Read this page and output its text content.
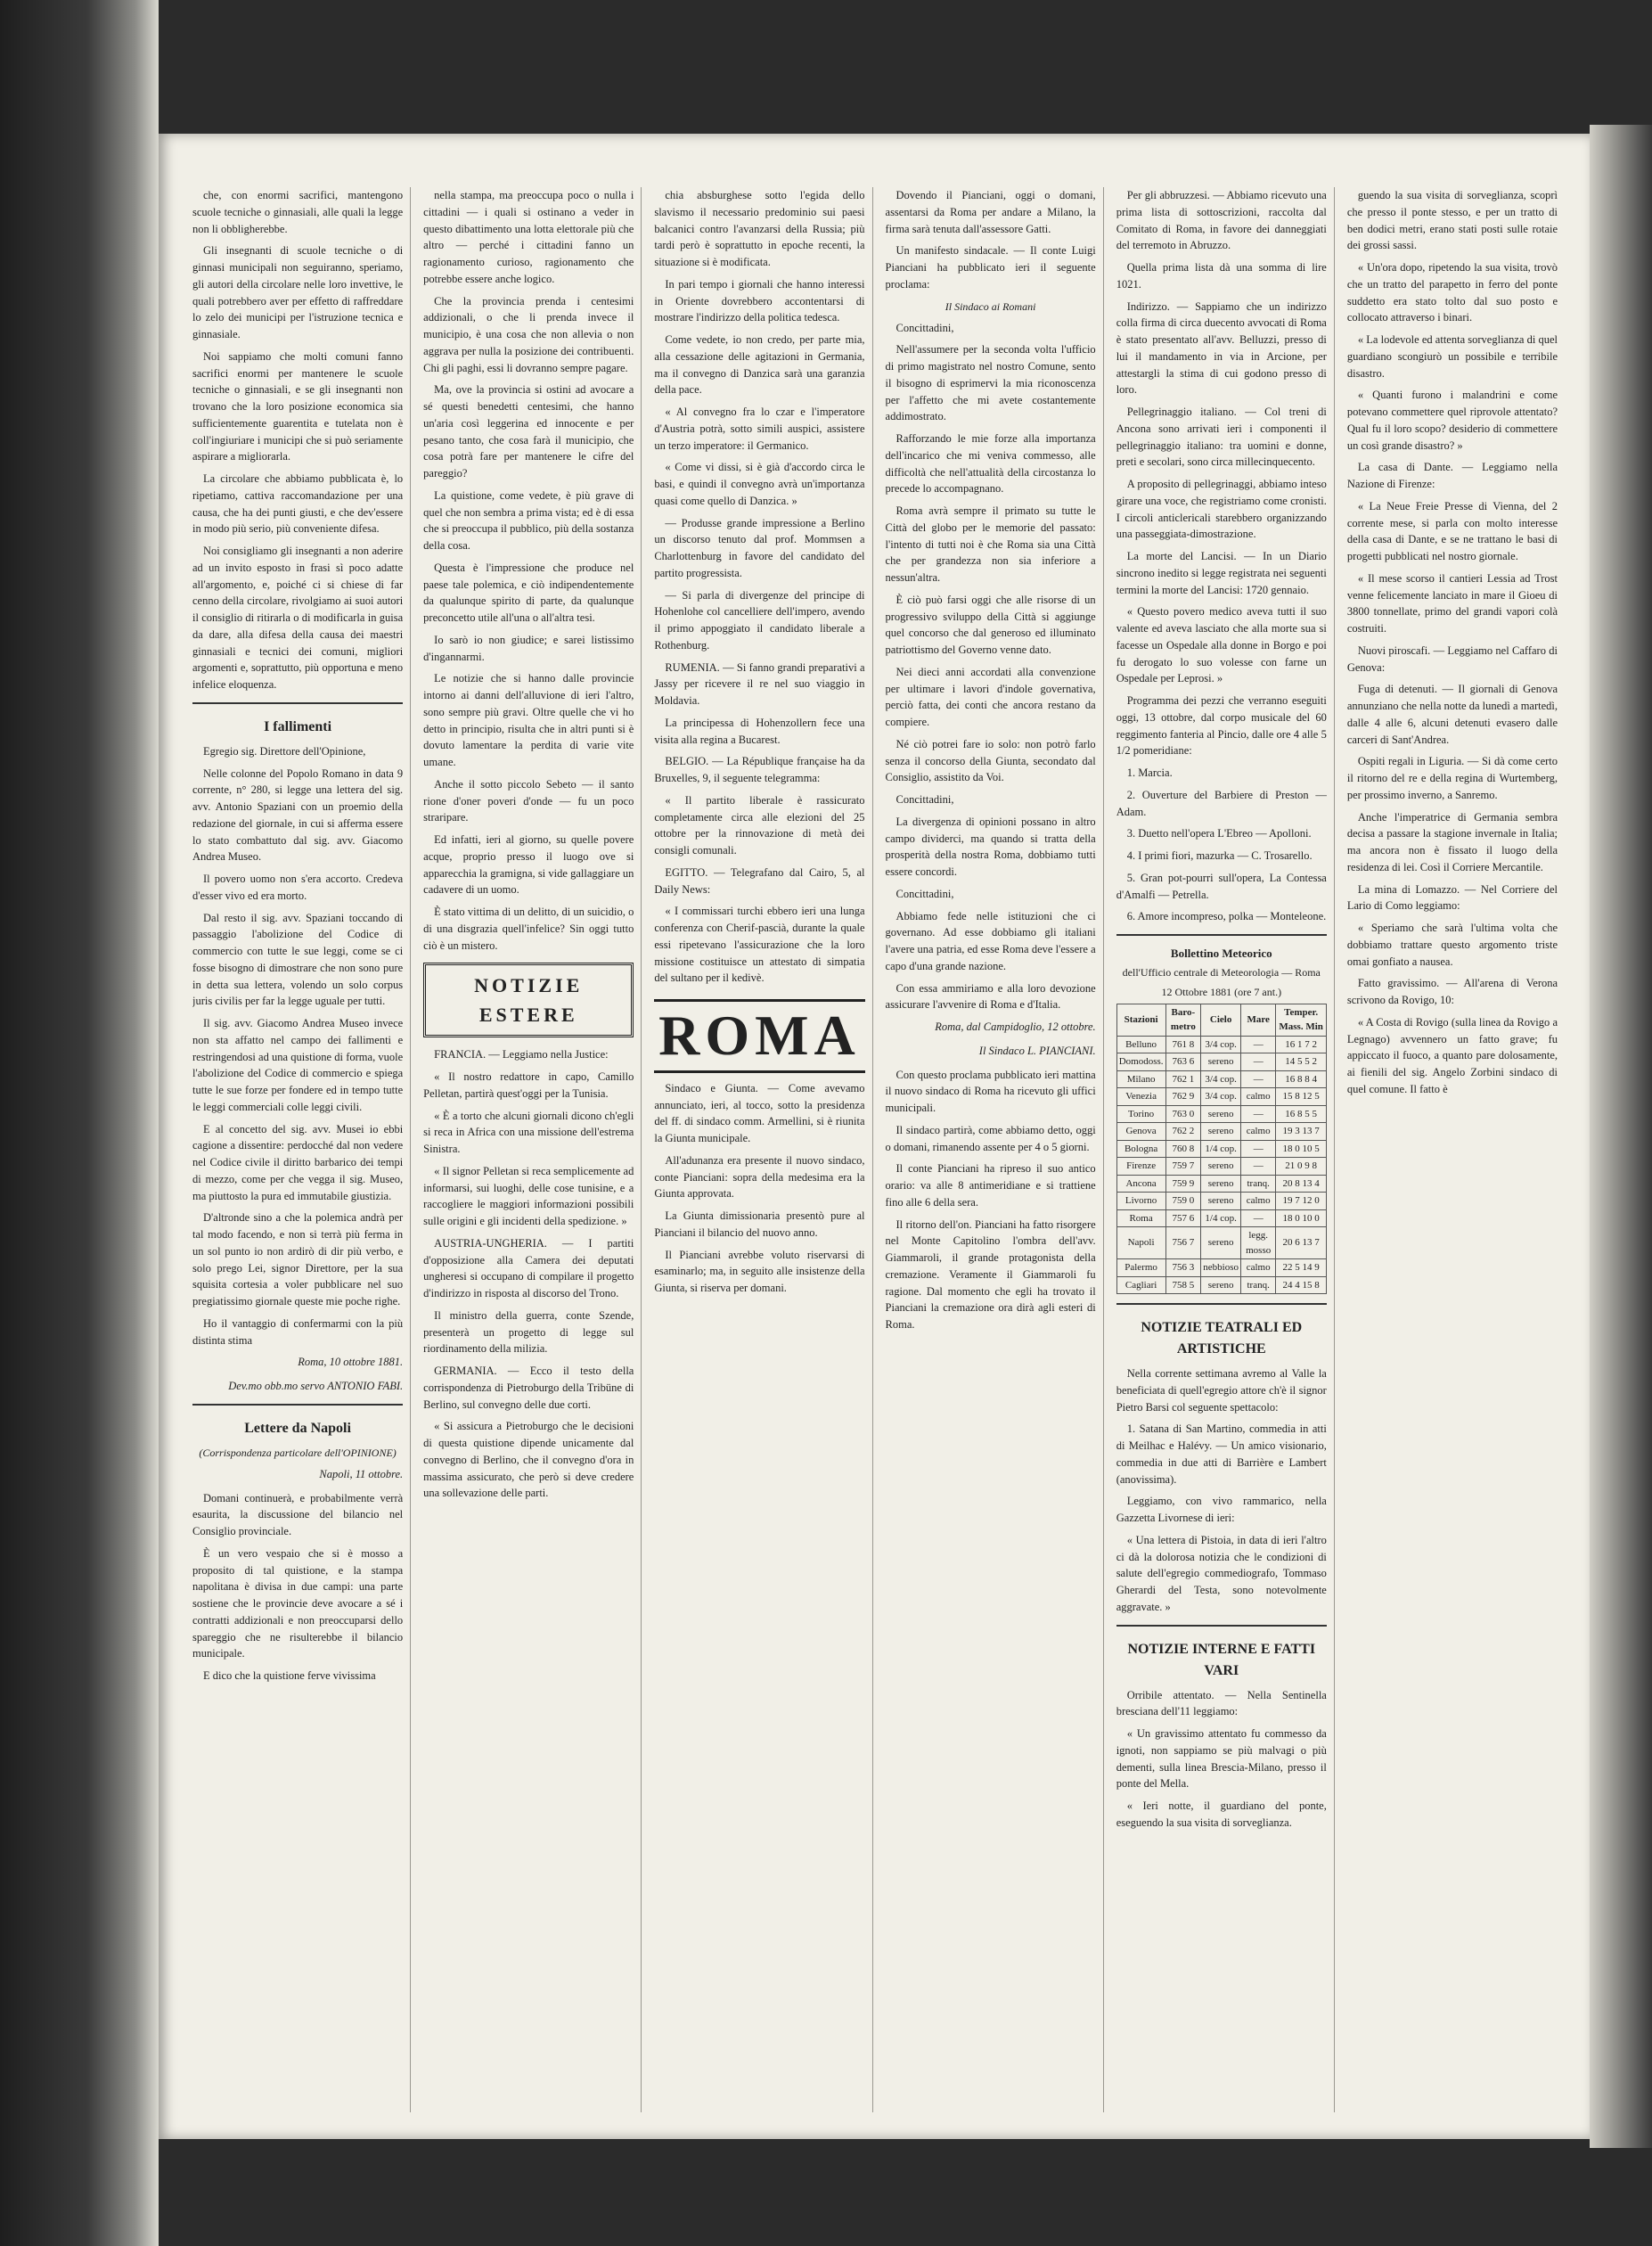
che, con enormi sacrifici, mantengono scuole tecniche o ginnasiali, alle quali la legge non li obbligherebbe.

Gli insegnanti di scuole tecniche o di ginnasi municipali non seguiranno, speriamo, gli autori della circolare nelle loro invettive, le quali potrebbero aver per effetto di raffreddare lo zelo dei municipi per l'istruzione tecnica e ginnasiale.

Noi sappiamo che molti comuni fanno sacrifici enormi per mantenere le scuole tecniche o ginnasiali, e se gli insegnanti non trovano che la loro posizione economica sia sufficientemente guarentita e tutelata non è coll'ingiuriare i municipi che si può seriamente aspirare a migliorarla.

La circolare che abbiamo pubblicata è, lo ripetiamo, cattiva raccomandazione per una causa, che ha dei punti giusti, e che dev'essere in modo più serio, più conveniente difesa.

Noi consigliamo gli insegnanti a non aderire ad un invito esposto in frasi sì poco adatte all'argomento, e, poiché ci si chiese di far cenno della circolare, rivolgiamo ai suoi autori il consiglio di ritirarla o di modificarla in guisa da dare, alla difesa della causa dei maestri ginnasiali e tecnici dei comuni, migliori argomenti e, soprattutto, più opportuna e meno infelice eloquenza.

I fallimenti

Egregio sig. Direttore dell'Opinione,

Nelle colonne del Popolo Romano in data 9 corrente, n° 280, si legge una lettera del sig. avv. Antonio Spaziani con un proemio della redazione del giornale, in cui si afferma essere lo stato combattuto dal sig. avv. Giacomo Andrea Museo.

Il povero uomo non s'era accorto. Credeva d'esser vivo ed era morto.

Dal resto il sig. avv. Spaziani toccando di passaggio l'abolizione del Codice di commercio con tutte le sue leggi, come se ci fosse bisogno di dimostrare che non sono pure in detta sua lettera, volendo un solo corpus juris civilis per far la legge uguale per tutti.

Il sig. avv. Giacomo Andrea Museo invece non sta affatto nel campo dei fallimenti e restringendosi ad una quistione di forma, vuole l'abolizione del Codice di commercio e spiega tutte le sue forze per fondere ed in tempo tutte le leggi commerciali colle leggi civili.

E al concetto del sig. avv. Musei io ebbi cagione a dissentire: perdocché dal non vedere nel Codice civile il diritto barbarico dei tempi di mezzo, come per che vegga il sig. Museo, ma piuttosto la pura ed immutabile giustizia.

D'altronde sino a che la polemica andrà per tal modo facendo, e non si terrà più ferma in un sol punto io non ardirò di dir più verbo, e solo prego Lei, signor Direttore, per la sua squisita cortesia a voler pubblicare nel suo pregiatissimo giornale queste mie poche righe.

Ho il vantaggio di confermarmi con la più distinta stima

Roma, 10 ottobre 1881.
Dev.mo obb.mo servo ANTONIO FABI.
Lettere da Napoli
(Corrispondenza particolare dell'OPINIONE)
Napoli, 11 ottobre.

Domani continuerà, e probabilmente verrà esaurita, la discussione del bilancio nel Consiglio provinciale.

È un vero vespaio che si è mosso a proposito di tal quistione, e la stampa napolitana è divisa in due campi: una parte sostiene che le provincie deve avocare a sé i contratti addizionali e non preoccuparsi dello spareggio che ne risulterebbe il bilancio municipale.

E dico che la quistione ferve vivissima

nella stampa, ma preoccupa poco o nulla i cittadini — i quali si ostinano a veder in questo dibattimento una lotta elettorale più che altro — perché i cittadini fanno un ragionamento curioso, ragionamento che potrebbe essere anche logico.

Che la provincia prenda i centesimi addizionali, o che li prenda invece il municipio, è una cosa che non allevia o non aggrava per nulla la posizione dei contribuenti. Chi gli paghi, essi li dovranno sempre pagare.

Ma, ove la provincia si ostini ad avocare a sé questi benedetti centesimi, che hanno un'aria così leggerina ed innocente e per pesano tanto, che cosa farà il municipio, che cosa potrà fare per mantenere le cifre del pareggio?

La quistione, come vedete, è più grave di quel che non sembra a prima vista; ed è di essa che si preoccupa il pubblico, più della sostanza della cosa.

Questa è l'impressione che produce nel paese tale polemica, e ciò indipendentemente da qualunque spirito di parte, da qualunque preconcetto utile all'una o all'altra tesi.

Io sarò io non giudice; e sarei listissimo d'ingannarmi.

Le notizie che si hanno dalle provincie intorno ai danni dell'alluvione di ieri l'altro, sono sempre più gravi. Oltre quelle che vi ho detto in principio, risulta che in altri punti si è dovuto lamentare la perdita di varie vite umane.

Anche il sotto piccolo Sebeto — il santo rione d'oner poveri d'onde — fu un poco straripare.

Ed infatti, ieri al giorno, su quelle povere acque, proprio presso il luogo ove si apparecchia la gramigna, si vide gallaggiare un cadavere di un uomo.

È stato vittima di un delitto, di un suicidio, o di una disgrazia quell'infelice? Sin oggi tutto ciò è un mistero.

NOTIZIE ESTERE

FRANCIA. — Leggiamo nella Justice:

« Il nostro redattore in capo, Camillo Pelletan, partirà quest'oggi per la Tunisia.

« È a torto che alcuni giornali dicono ch'egli si reca in Africa con una missione dell'estrema Sinistra.

« Il signor Pelletan si reca semplicemente ad informarsi, sui luoghi, delle cose tunisine, e a raccogliere le maggiori informazioni possibili sulle origini e gli incidenti della spedizione. »

AUSTRIA-UNGHERIA. — I partiti d'opposizione alla Camera dei deputati ungheresi si occupano di compilare il progetto d'indirizzo in risposta al discorso del Trono.

Il ministro della guerra, conte Szende, presenterà un progetto di legge sul riordinamento della milizia.

GERMANIA. — Ecco il testo della corrispondenza di Pietroburgo della Tribüne di Berlino, sul convegno delle due corti.

« Si assicura a Pietroburgo che le decisioni di questa quistione dipende unicamente dal convegno di Berlino, che il convegno d'ora in massima assicurato, che però si deve credere una sollevazione delle parti.

chia absburghese sotto l'egida dello slavismo il necessario predominio sui paesi balcanici contro l'avanzarsi della Russia; più tardi però è soprattutto in epoche recenti, la situazione si è modificata.

In pari tempo i giornali che hanno interessi in Oriente dovrebbero accontentarsi di mostrare l'indirizzo della politica tedesca.

Come vedete, io non credo, per parte mia, alla cessazione delle agitazioni in Germania, ma il convegno di Danzica sarà una garanzia della pace.

« Al convegno fra lo czar e l'imperatore d'Austria potrà, sotto simili auspici, assistere un terzo imperatore: il Germanico.

« Come vi dissi, si è già d'accordo circa le basi, e quindi il convegno avrà un'importanza quasi come quello di Danzica. »

— Produsse grande impressione a Berlino un discorso tenuto dal prof. Mommsen a Charlottenburg in favore del candidato del partito progressista.

— Si parla di divergenze del principe di Hohenlohe col cancelliere dell'impero, avendo il primo appoggiato il candidato liberale a Rothenburg.

RUMENIA. — Si fanno grandi preparativi a Jassy per ricevere il re nel suo viaggio in Moldavia.

La principessa di Hohenzollern fece una visita alla regina a Bucarest.

BELGIO. — La République française ha da Bruxelles, 9, il seguente telegramma:

« Il partito liberale è rassicurato completamente circa alle elezioni del 25 ottobre per la rinnovazione di metà dei consigli comunali.

EGITTO. — Telegrafano dal Cairo, 5, al Daily News:

« I commissari turchi ebbero ieri una lunga conferenza con Cherif-pascià, durante la quale essi ripetevano l'assicurazione che la loro missione costituisce un attestato di simpatia del sultano per il kedivè.

ROMA

Sindaco e Giunta. — Come avevamo annunciato, ieri, al tocco, sotto la presidenza del ff. di sindaco comm. Armellini, si è riunita la Giunta municipale.

All'adunanza era presente il nuovo sindaco, conte Pianciani: sopra della medesima era la Giunta approvata.

La Giunta dimissionaria presentò pure al Pianciani il bilancio del nuovo anno.

Il Pianciani avrebbe voluto riservarsi di esaminarlo; ma, in seguito alle insistenze della Giunta, si riserva per domani.

Dovendo il Pianciani, oggi o domani, assentarsi da Roma per andare a Milano, la firma sarà tenuta dall'assessore Gatti.

Un manifesto sindacale. — Il conte Luigi Pianciani ha pubblicato ieri il seguente proclama:

Il Sindaco ai Romani

Concittadini,

Nell'assumere per la seconda volta l'ufficio di primo magistrato nel nostro Comune, sento il bisogno di esprimervi la mia riconoscenza per l'affetto che mi avete costantemente addimostrato.

Rafforzando le mie forze alla importanza dell'incarico che mi veniva commesso, alle difficoltà che nell'attualità della circostanza lo precede lo accompagnano.

Roma avrà sempre il primato su tutte le Città del globo per le memorie del passato: l'intento di tutti noi è che Roma sia una Città che per grandezza non sia inferiore a nessun'altra.

È ciò può farsi oggi che alle risorse di un progressivo sviluppo della Città si aggiunge quel concorso che dal generoso ed illuminato patriottismo del Governo venne dato.

Nei dieci anni accordati alla convenzione per ultimare i lavori d'indole governativa, perciò fatta, dei conti che ancora restano da compiere.

Né ciò potrei fare io solo: non potrò farlo senza il concorso della Giunta, secondato dal Consiglio, assistito da Voi.

Concittadini,

La divergenza di opinioni possano in altro campo dividerci, ma quando si tratta della prosperità della nostra Roma, dobbiamo tutti essere concordi.

Concittadini,

Abbiamo fede nelle istituzioni che ci governano. Ad esse dobbiamo gli italiani l'avere una patria, ed esse Roma deve l'essere a capo d'una grande nazione.

Con essa ammiriamo e alla loro devozione assicurare l'avvenire di Roma e d'Italia.

Roma, dal Campidoglio, 12 ottobre.
Il Sindaco L. PIANCIANI.

Con questo proclama pubblicato ieri mattina il nuovo sindaco di Roma ha ricevuto gli uffici municipali.

Il sindaco partirà, come abbiamo detto, oggi o domani, rimanendo assente per 4 o 5 giorni.

Il conte Pianciani ha ripreso il suo antico orario: va alle 8 antimeridiane e si trattiene fino alle 6 della sera.

Il ritorno dell'on. Pianciani ha fatto risorgere nel Monte Capitolino l'ombra dell'avv. Giammaroli, il grande protagonista della cremazione. Veramente il Giammaroli fu ragione. Dal momento che egli ha trovato il Pianciani la cremazione ora dirà agli esteri di Roma.

Per gli abbruzzesi. — Abbiamo ricevuto una prima lista di sottoscrizioni, raccolta dal Comitato di Roma, in favore dei danneggiati del terremoto in Abruzzo.

Quella prima lista dà una somma di lire 1021.

Indirizzo. — Sappiamo che un indirizzo colla firma di circa duecento avvocati di Roma è stato presentato all'avv. Belluzzi, presso di lui il mandamento in via in Arcione, per attestargli la stima di cui godono presso di loro.

Pellegrinaggio italiano. — Col treni di Ancona sono arrivati ieri i componenti il pellegrinaggio italiano: tra uomini e donne, preti e secolari, sono circa millecinquecento.

A proposito di pellegrinaggi, abbiamo inteso girare una voce, che registriamo come cronisti. I circoli anticlericali starebbero organizzando una passeggiata-dimostrazione.

La morte del Lancisi. — In un Diario sincrono inedito si legge registrata nei seguenti termini la morte del Lancisi: 1720 gennaio.

« Questo povero medico aveva tutti il suo valente ed aveva lasciato che alla morte sua si facesse un Ospedale alla donne in Borgo e poi fu derogato lo suo volesse con farne un Ospedale per Leprosi. »

Programma dei pezzi che verranno eseguiti oggi, 13 ottobre, dal corpo musicale del 60 reggimento fanteria al Pincio, dalle ore 4 alle 5 1/2 pomeridiane:

1. Marcia.

2. Ouverture del Barbiere di Preston — Adam.

3. Duetto nell'opera L'Ebreo — Apolloni.

4. I primi fiori, mazurka — C. Trosarello.

5. Gran pot-pourri sull'opera, La Contessa d'Amalfi — Petrella.

6. Amore incompreso, polka — Monteleone.

Bollettino Meteorico
dell'Ufficio centrale di Meteorologia — Roma
12 Ottobre 1881 (ore 7 ant.)
Stazioni	Baro-metro	Cielo	Mare	Temper. Mass. Min
Belluno	761 8	3/4 cop.	—	16 1 7 2
Domodoss.	763 6	sereno	—	14 5 5 2
Milano	762 1	3/4 cop.	—	16 8 8 4
Venezia	762 9	3/4 cop.	calmo	15 8 12 5
Torino	763 0	sereno	—	16 8 5 5
Genova	762 2	sereno	calmo	19 3 13 7
Bologna	760 8	1/4 cop.	—	18 0 10 5
Firenze	759 7	sereno	—	21 0 9 8
Ancona	759 9	sereno	tranq.	20 8 13 4
Livorno	759 0	sereno	calmo	19 7 12 0
Roma	757 6	1/4 cop.	—	18 0 10 0
Napoli	756 7	sereno	legg. mosso	20 6 13 7
Palermo	756 3	nebbioso	calmo	22 5 14 9
Cagliari	758 5	sereno	tranq.	24 4 15 8
NOTIZIE TEATRALI ED ARTISTICHE

Nella corrente settimana avremo al Valle la beneficiata di quell'egregio attore ch'è il signor Pietro Barsi col seguente spettacolo:

1. Satana di San Martino, commedia in atti di Meilhac e Halévy. — Un amico visionario, commedia in due atti di Barrière e Lambert (anovissima).

Leggiamo, con vivo rammarico, nella Gazzetta Livornese di ieri:

« Una lettera di Pistoia, in data di ieri l'altro ci dà la dolorosa notizia che le condizioni di salute dell'egregio commediografo, Tommaso Gherardi del Testa, sono notevolmente aggravate. »

NOTIZIE INTERNE E FATTI VARI

Orribile attentato. — Nella Sentinella bresciana dell'11 leggiamo:

« Un gravissimo attentato fu commesso da ignoti, non sappiamo se più malvagi o più dementi, sulla linea Brescia-Milano, presso il ponte del Mella.

« Ieri notte, il guardiano del ponte, eseguendo la sua visita di sorveglianza.

guendo la sua visita di sorveglianza, scoprì che presso il ponte stesso, e per un tratto di ben dodici metri, erano stati posti sulle rotaie dei grossi sassi.

« Un'ora dopo, ripetendo la sua visita, trovò che un tratto del parapetto in ferro del ponte suddetto era stato tolto dal suo posto e collocato attraverso i binari.

« La lodevole ed attenta sorveglianza di quel guardiano scongiurò un possibile e terribile disastro.

« Quanti furono i malandrini e come potevano commettere quel riprovole attentato? Qual fu il loro scopo? desiderio di commettere un così grande disastro? »

La casa di Dante. — Leggiamo nella Nazione di Firenze:

« La Neue Freie Presse di Vienna, del 2 corrente mese, si parla con molto interesse della casa di Dante, e se ne trattano le basi di progetti pubblicati nel nostro giornale.

« Il mese scorso il cantieri Lessia ad Trost venne felicemente lanciato in mare il Gioeu di 3800 tonnellate, primo del grandi vapori colà costruiti.

Nuovi piroscafi. — Leggiamo nel Caffaro di Genova:

Fuga di detenuti. — Il giornali di Genova annunziano che nella notte da lunedì a martedì, dalle 4 alle 6, alcuni detenuti evasero dalle carceri di Sant'Andrea.

Ospiti regali in Liguria. — Si dà come certo il ritorno del re e della regina di Wurtemberg, per prossimo inverno, a Sanremo.

Anche l'imperatrice di Germania sembra decisa a passare la stagione invernale in Italia; ma ancora non è fissato il luogo della residenza di lei. Così il Corriere Mercantile.

La mina di Lomazzo. — Nel Corriere del Lario di Como leggiamo:

« Speriamo che sarà l'ultima volta che dobbiamo trattare questo argomento triste omai gonfiato a nausea.

Fatto gravissimo. — All'arena di Verona scrivono da Rovigo, 10:

« A Costa di Rovigo (sulla linea da Rovigo a Legnago) avvennero un fatto grave; fu appiccato il fuoco, a quanto pare dolosamente, ai fienili del sig. Angelo Zorbini sindaco di quel comune. Il fatto è
